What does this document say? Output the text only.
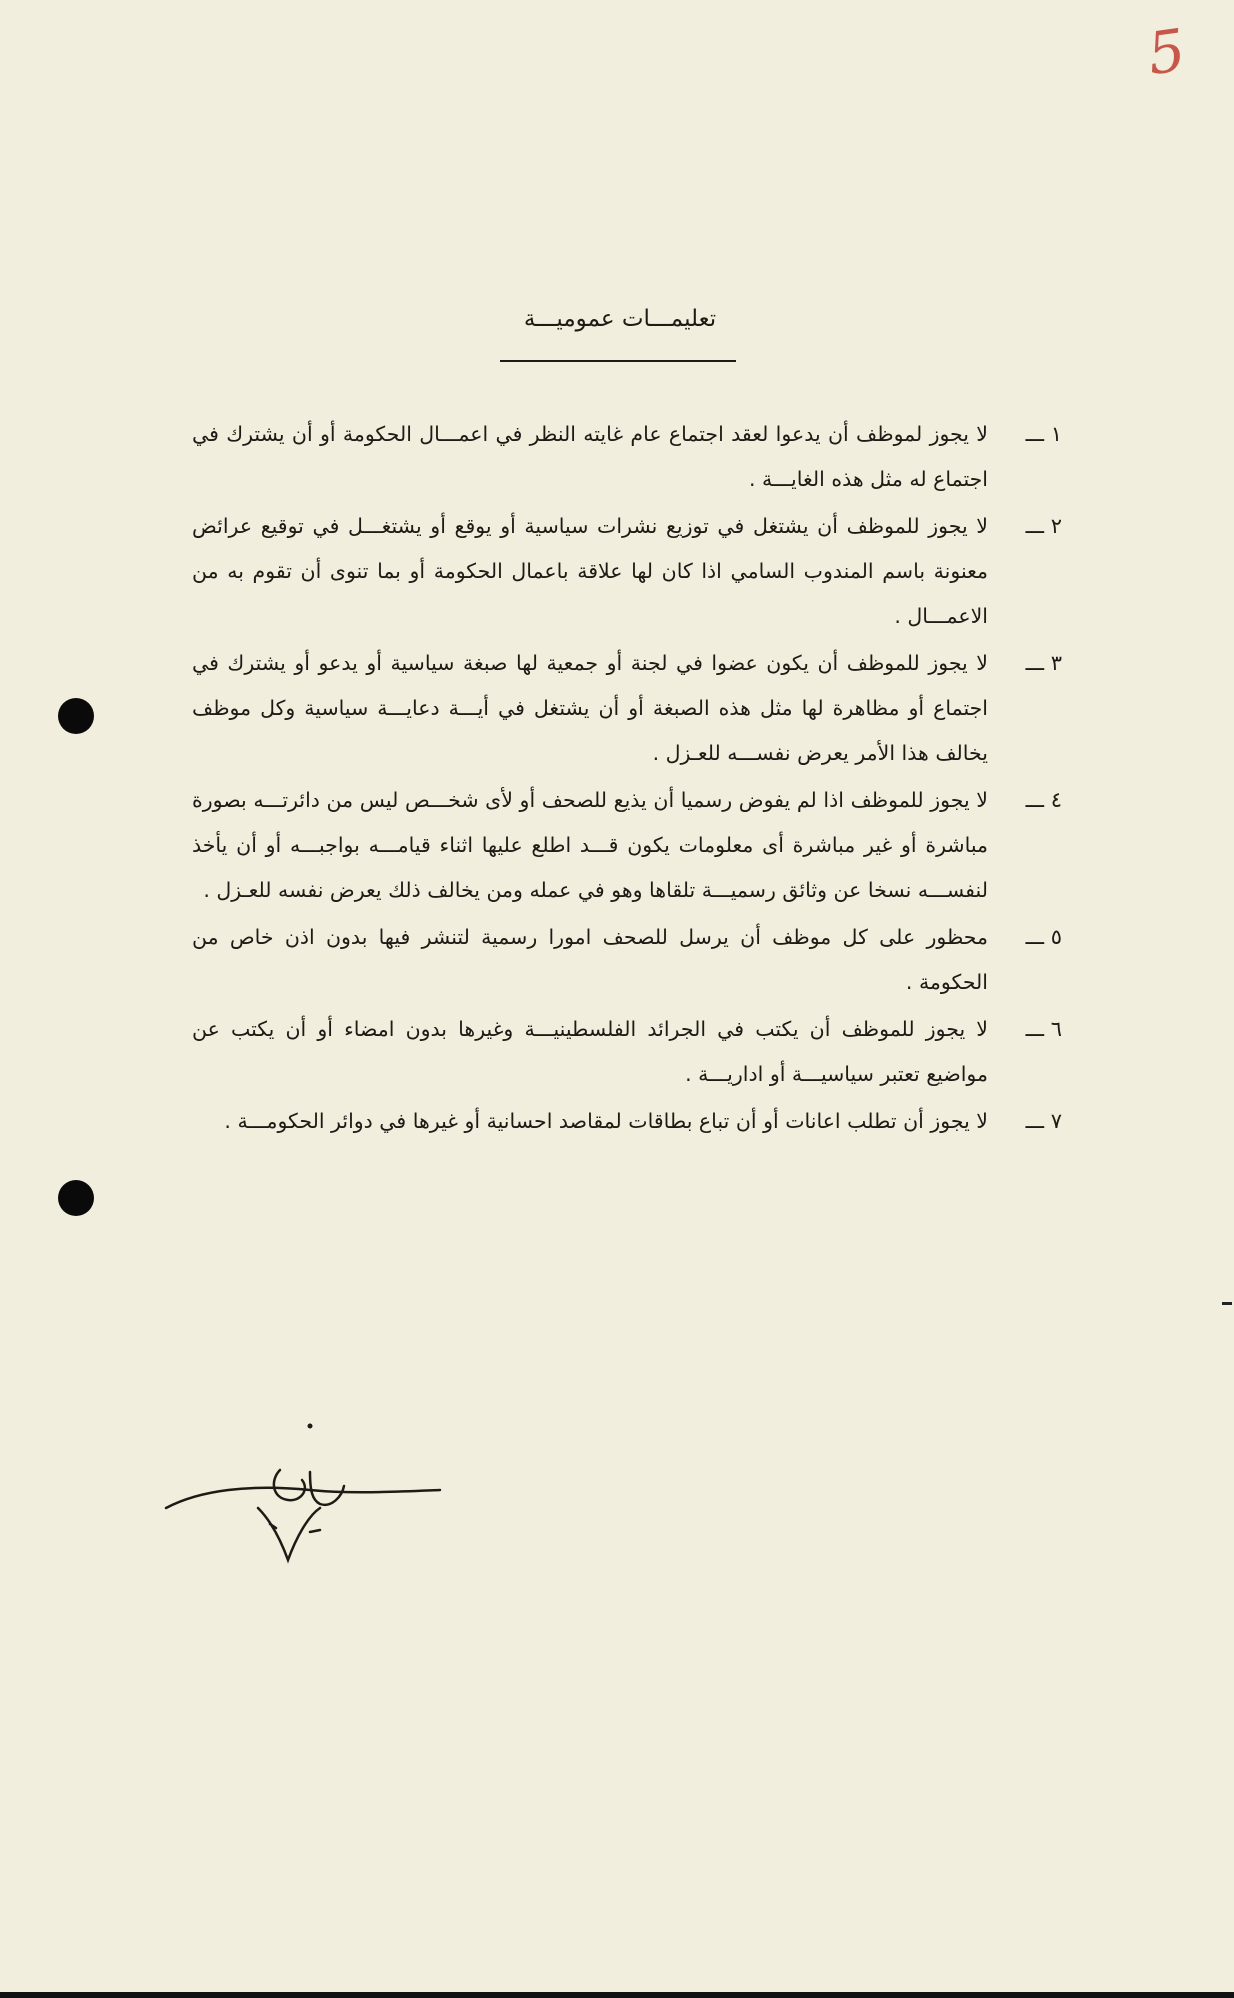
5
تعليمـــات عموميـــة
١ ـــ
لا يجوز لموظف أن يدعوا لعقد اجتماع عام غايته النظر في اعمـــال الحكومة أو أن يشترك في اجتماع له مثل هذه الغايـــة .
٢ ـــ
لا يجوز للموظف أن يشتغل في توزيع نشرات سياسية أو يوقع أو يشتغـــل في توقيع عرائض معنونة باسم المندوب السامي اذا كان لها علاقة باعمال الحكومة أو بما تنوى أن تقوم به من الاعمـــال .
٣ ـــ
لا يجوز للموظف أن يكون عضوا في لجنة أو جمعية لها صبغة سياسية أو يدعو أو يشترك في اجتماع أو مظاهرة لها مثل هذه الصبغة أو أن يشتغل في أيـــة دعايـــة سياسية وكل موظف يخالف هذا الأمر يعرض نفســـه للعـزل .
٤ ـــ
لا يجوز للموظف اذا لم يفوض رسميا أن يذيع للصحف أو لأى شخـــص ليس من دائرتـــه بصورة مباشرة أو غير مباشرة أى معلومات يكون قـــد اطلع عليها اثناء قيامـــه بواجبـــه أو أن يأخذ لنفســـه نسخا عن وثائق رسميـــة تلقاها وهو في عمله ومن يخالف ذلك يعرض نفسه للعـزل .
٥ ـــ
محظور على كل موظف أن يرسل للصحف امورا رسمية لتنشر فيها بدون اذن خاص من الحكومة .
٦ ـــ
لا يجوز للموظف أن يكتب في الجرائد الفلسطينيـــة وغيرها بدون امضاء أو أن يكتب عن مواضيع تعتبر سياسيـــة أو اداريـــة .
٧ ـــ
لا يجوز أن تطلب اعانات أو أن تباع بطاقات لمقاصد احسانية أو غيرها في دوائر الحكومـــة .
